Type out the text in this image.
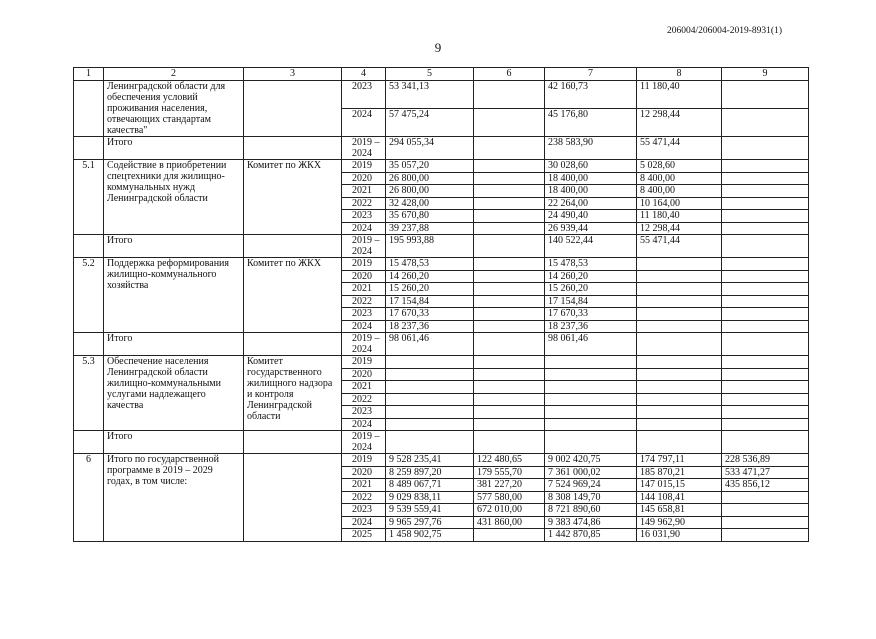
206004/206004-2019-8931(1)
9
1	2	3	4	5	6	7	8	9
	Ленинградской области для обеспечения условий проживания населения, отвечающих стандартам качества"		2023	53 341,13		42 160,73	11 180,40	
			2024	57 475,24		45 176,80	12 298,44	
	Итого		2019 – 2024	294 055,34		238 583,90	55 471,44	
5.1	Содействие в приобретении спецтехники для жилищно-коммунальных нужд Ленинградской области	Комитет по ЖКХ	2019	35 057,20		30 028,60	5 028,60	
			2020	26 800,00		18 400,00	8 400,00	
			2021	26 800,00		18 400,00	8 400,00	
			2022	32 428,00		22 264,00	10 164,00	
			2023	35 670,80		24 490,40	11 180,40	
			2024	39 237,88		26 939,44	12 298,44	
	Итого		2019 – 2024	195 993,88		140 522,44	55 471,44	
5.2	Поддержка реформирования жилищно-коммунального хозяйства	Комитет по ЖКХ	2019	15 478,53		15 478,53		
			2020	14 260,20		14 260,20		
			2021	15 260,20		15 260,20		
			2022	17 154,84		17 154,84		
			2023	17 670,33		17 670,33		
			2024	18 237,36		18 237,36		
	Итого		2019 – 2024	98 061,46		98 061,46		
5.3	Обеспечение населения Ленинградской области жилищно-коммунальными услугами надлежащего качества	Комитет государственного жилищного надзора и контроля Ленинградской области	2019					
			2020					
			2021					
			2022					
			2023					
			2024					
	Итого		2019 – 2024					
6	Итого по государственной программе в 2019 – 2029 годах, в том числе:		2019	9 528 235,41	122 480,65	9 002 420,75	174 797,11	228 536,89
			2020	8 259 897,20	179 555,70	7 361 000,02	185 870,21	533 471,27
			2021	8 489 067,71	381 227,20	7 524 969,24	147 015,15	435 856,12
			2022	9 029 838,11	577 580,00	8 308 149,70	144 108,41	
			2023	9 539 559,41	672 010,00	8 721 890,60	145 658,81	
			2024	9 965 297,76	431 860,00	9 383 474,86	149 962,90	
			2025	1 458 902,75		1 442 870,85	16 031,90	
